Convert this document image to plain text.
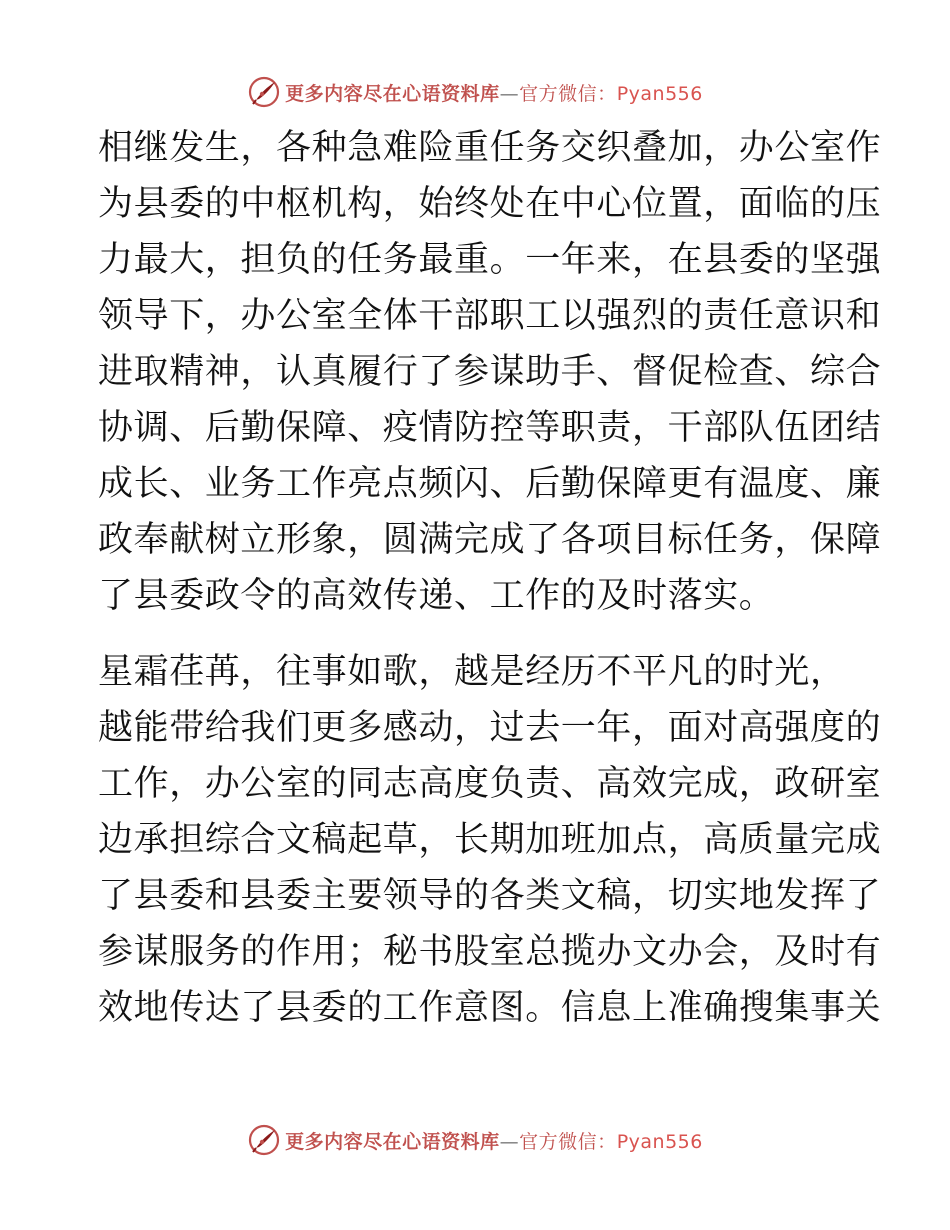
更多内容尽在心语资料库—官方微信：Pyan556
相继发生，各种急难险重任务交织叠加，办公室作
为县委的中枢机构，始终处在中心位置，面临的压
力最大，担负的任务最重。一年来，在县委的坚强
领导下，办公室全体干部职工以强烈的责任意识和
进取精神，认真履行了参谋助手、督促检查、综合
协调、后勤保障、疫情防控等职责，干部队伍团结
成长、业务工作亮点频闪、后勤保障更有温度、廉
政奉献树立形象，圆满完成了各项目标任务，保障
了县委政令的高效传递、工作的及时落实。
星霜荏苒，往事如歌，越是经历不平凡的时光，
越能带给我们更多感动，过去一年，面对高强度的
工作，办公室的同志高度负责、高效完成，政研室
边承担综合文稿起草，长期加班加点，高质量完成
了县委和县委主要领导的各类文稿，切实地发挥了
参谋服务的作用；秘书股室总揽办文办会，及时有
效地传达了县委的工作意图。信息上准确搜集事关
更多内容尽在心语资料库—官方微信：Pyan556
